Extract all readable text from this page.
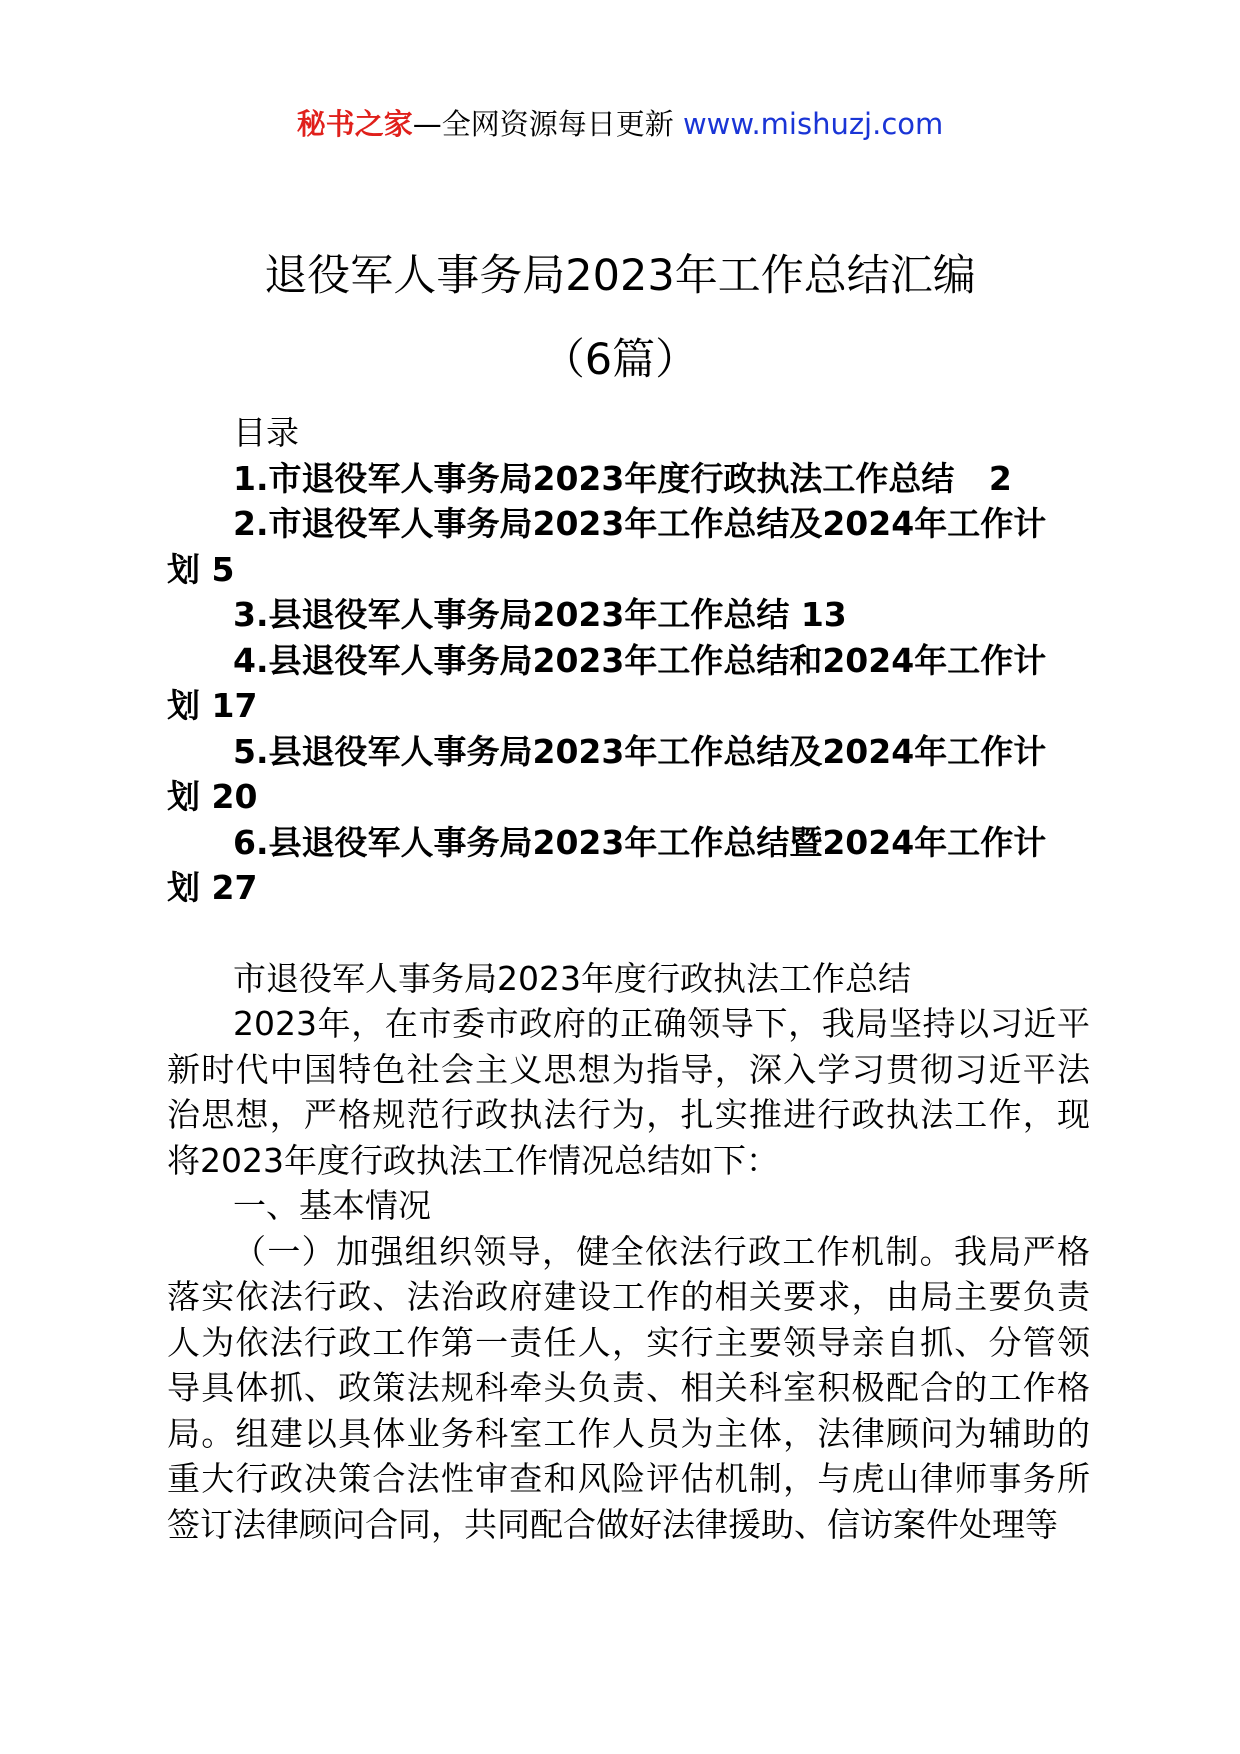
秘书之家—全网资源每日更新 www.mishuzj.com
退役军人事务局2023年工作总结汇编
（6篇）

目录

1.市退役军人事务局2023年度行政执法工作总结 2
2.市退役军人事务局2023年工作总结及2024年工作计划 5
3.县退役军人事务局2023年工作总结 13
4.县退役军人事务局2023年工作总结和2024年工作计划 17
5.县退役军人事务局2023年工作总结及2024年工作计划 20
6.县退役军人事务局2023年工作总结暨2024年工作计划 27

市退役军人事务局2023年度行政执法工作总结

2023年，在市委市政府的正确领导下，我局坚持以习近平新时代中国特色社会主义思想为指导，深入学习贯彻习近平法治思想，严格规范行政执法行为，扎实推进行政执法工作，现将2023年度行政执法工作情况总结如下：

一、基本情况

（一）加强组织领导，健全依法行政工作机制。我局严格落实依法行政、法治政府建设工作的相关要求，由局主要负责人为依法行政工作第一责任人，实行主要领导亲自抓、分管领导具体抓、政策法规科牵头负责、相关科室积极配合的工作格局。组建以具体业务科室工作人员为主体，法律顾问为辅助的重大行政决策合法性审查和风险评估机制，与虎山律师事务所签订法律顾问合同，共同配合做好法律援助、信访案件处理等
